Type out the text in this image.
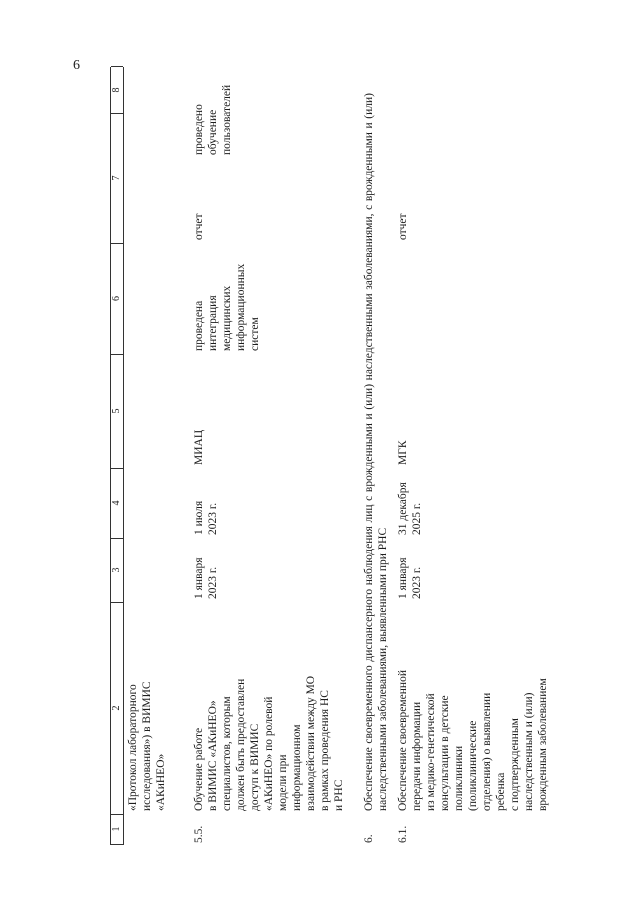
6
1
2
3
4
5
6
7
8

«Протокол лабораторного
исследования») в ВИМИС
«АКиНЕО»

5.5.

Обучение работе
в ВИМИС «АКиНЕО»
специалистов, которым
должен быть предоставлен
доступ к ВИМИС
«АКиНЕО» по ролевой
модели при
информационном
взаимодействии между МО
в рамках проведения НС
и РНС

1 января
2023 г.

1 июля
2023 г.

МИАЦ

проведена
интеграция
медицинских
информационных
систем

отчет

проведено
обучение
пользователей

6.

Обеспечение своевременного диспансерного наблюдения лиц с врожденными и (или) наследственными заболеваниями, с врожденными и (или) наследственными заболеваниями, выявленными при РНС

6.1.

Обеспечение своевременной
передачи информации
из медико-генетической
консультации в детские
поликлиники
(поликлинические
отделения) о выявлении
ребенка
с подтвержденным
наследственным и (или)
врожденным заболеванием

1 января
2023 г.

31 декабря
2025 г.

МГК

отчет
